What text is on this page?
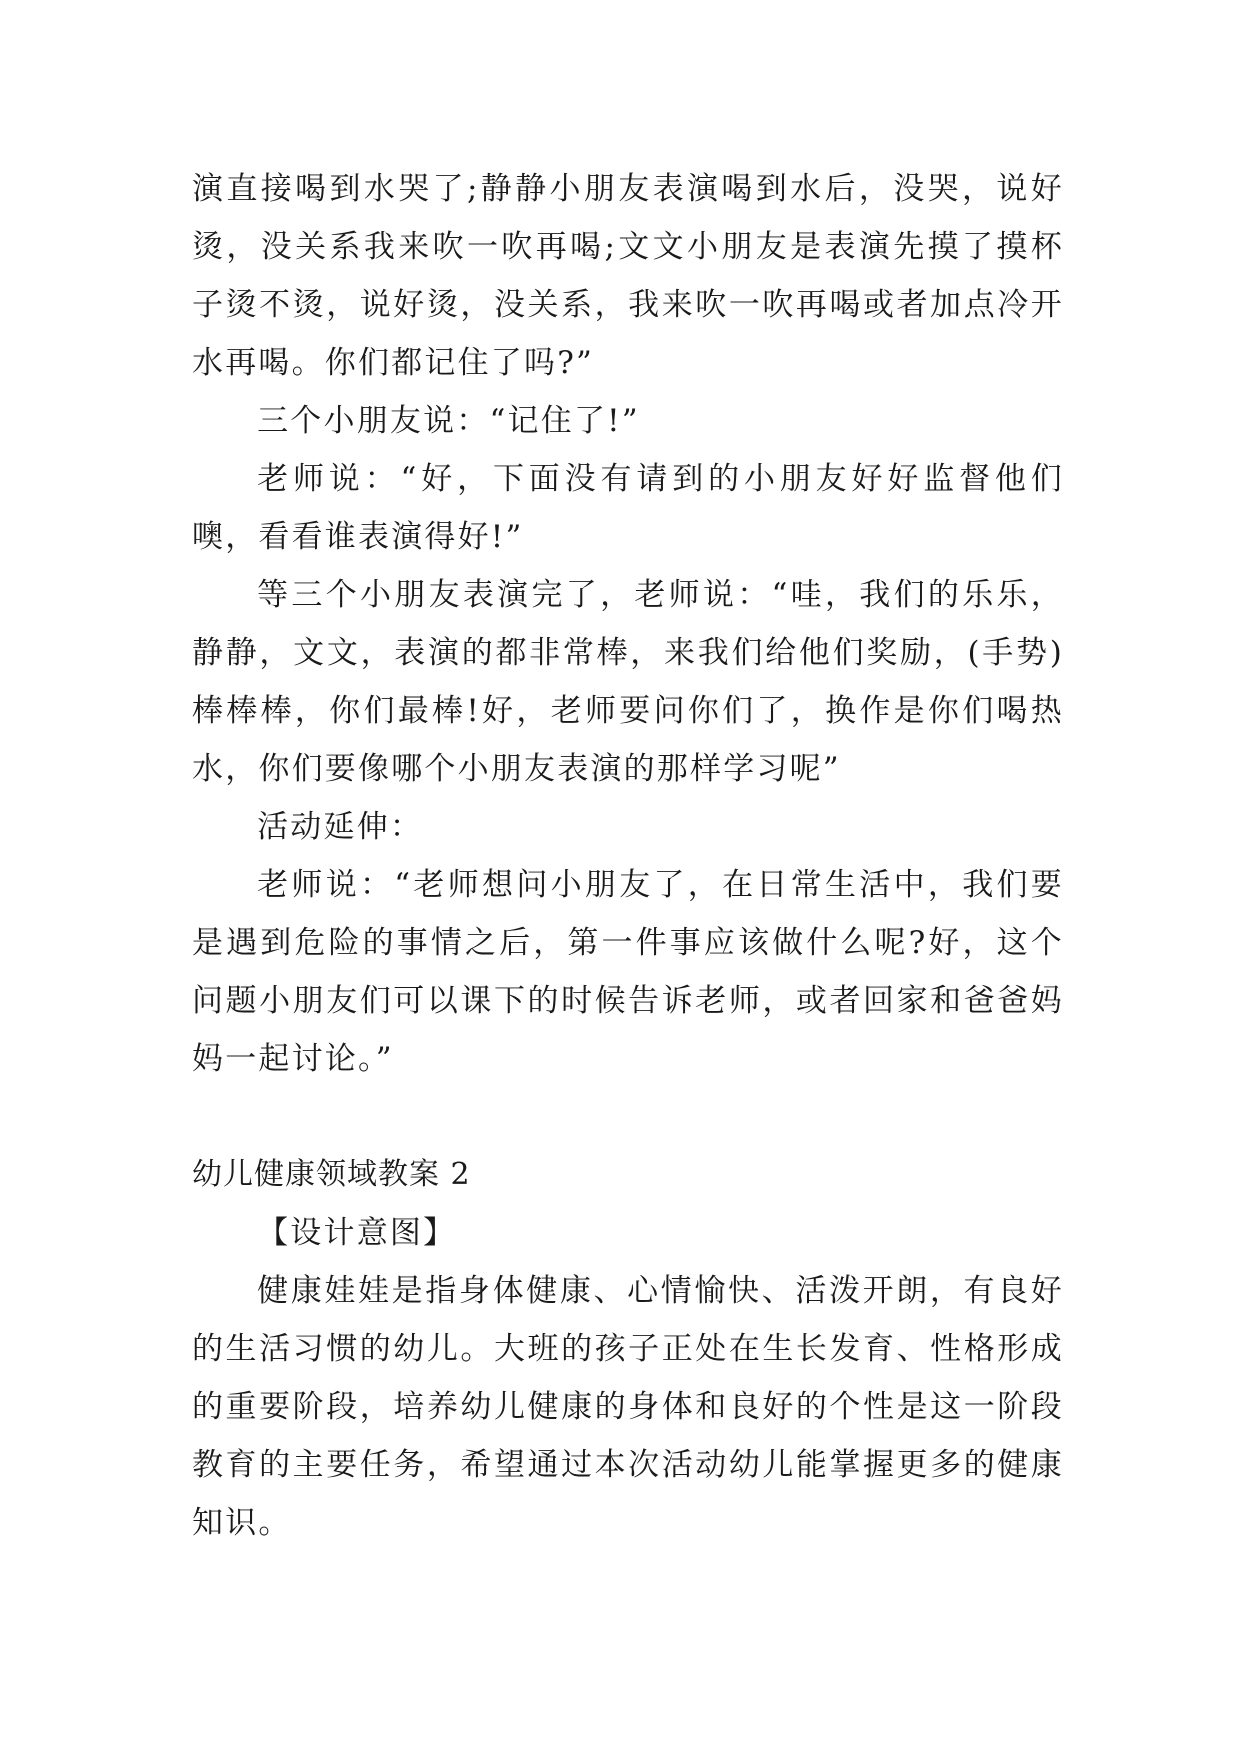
演直接喝到水哭了;静静小朋友表演喝到水后，没哭，说好烫，没关系我来吹一吹再喝;文文小朋友是表演先摸了摸杯子烫不烫，说好烫，没关系，我来吹一吹再喝或者加点冷开水再喝。你们都记住了吗?”

三个小朋友说：“记住了!”

老师说：“好，下面没有请到的小朋友好好监督他们噢，看看谁表演得好!”

等三个小朋友表演完了，老师说：“哇，我们的乐乐，静静，文文，表演的都非常棒，来我们给他们奖励，(手势)棒棒棒，你们最棒!好，老师要问你们了，换作是你们喝热水，你们要像哪个小朋友表演的那样学习呢”

活动延伸：

老师说：“老师想问小朋友了，在日常生活中，我们要是遇到危险的事情之后，第一件事应该做什么呢?好，这个问题小朋友们可以课下的时候告诉老师，或者回家和爸爸妈妈一起讨论。”

幼儿健康领域教案 2

【设计意图】

健康娃娃是指身体健康、心情愉快、活泼开朗，有良好的生活习惯的幼儿。大班的孩子正处在生长发育、性格形成的重要阶段，培养幼儿健康的身体和良好的个性是这一阶段教育的主要任务，希望通过本次活动幼儿能掌握更多的健康知识。
